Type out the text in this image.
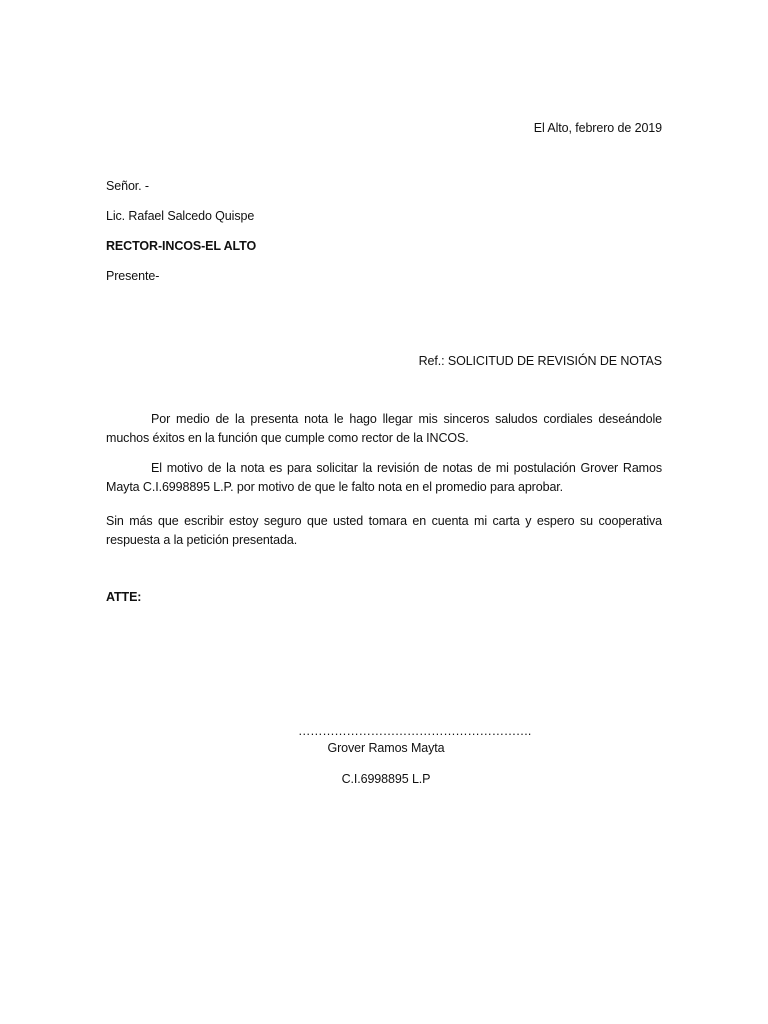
El Alto, febrero de 2019
Señor. -
Lic. Rafael Salcedo Quispe
RECTOR-INCOS-EL ALTO
Presente-
Ref.: SOLICITUD DE REVISIÓN DE NOTAS
Por medio de la presenta nota le hago llegar mis sinceros saludos cordiales deseándole muchos éxitos en la función que cumple como rector de la INCOS.
El motivo de la nota es para solicitar la revisión de notas de mi postulación Grover Ramos Mayta C.I.6998895 L.P. por motivo de que le falto nota en el promedio para aprobar.
Sin más que escribir estoy seguro que usted tomara en cuenta mi carta y espero su cooperativa respuesta a la petición presentada.
ATTE:
………………………………………………….
Grover Ramos Mayta
C.I.6998895 L.P
